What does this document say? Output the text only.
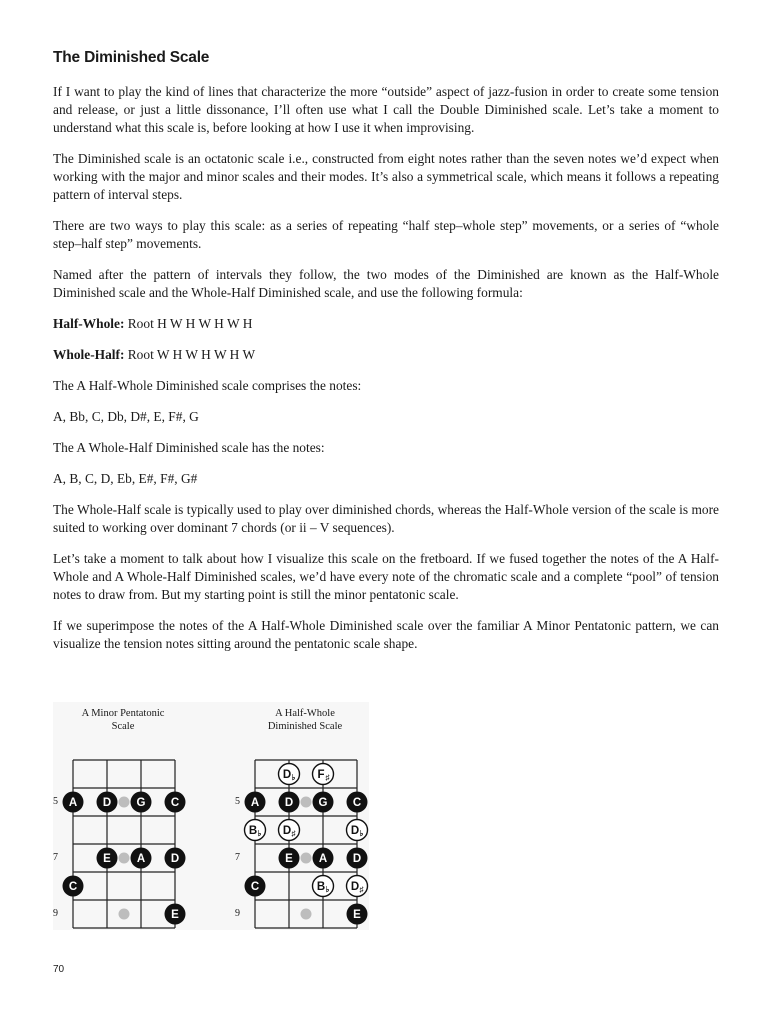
The Diminished Scale

If I want to play the kind of lines that characterize the more “outside” aspect of jazz-fusion in order to create some tension and release, or just a little dissonance, I’ll often use what I call the Double Diminished scale. Let’s take a moment to understand what this scale is, before looking at how I use it when improvising.

The Diminished scale is an octatonic scale i.e., constructed from eight notes rather than the seven notes we’d expect when working with the major and minor scales and their modes. It’s also a symmetrical scale, which means it follows a repeating pattern of interval steps.

There are two ways to play this scale: as a series of repeating “half step–whole step” movements, or a series of “whole step–half step” movements.

Named after the pattern of intervals they follow, the two modes of the Diminished are known as the Half-Whole Diminished scale and the Whole-Half Diminished scale, and use the following formula:

Half-Whole: Root H W H W H W H

Whole-Half: Root W H W H W H W

The A Half-Whole Diminished scale comprises the notes:

A, Bb, C, Db, D#, E, F#, G

The A Whole-Half Diminished scale has the notes:

A, B, C, D, Eb, E#, F#, G#

The Whole-Half scale is typically used to play over diminished chords, whereas the Half-Whole version of the scale is more suited to working over dominant 7 chords (or ii – V sequences).

Let’s take a moment to talk about how I visualize this scale on the fretboard. If we fused together the notes of the A Half-Whole and A Whole-Half Diminished scales, we’d have every note of the chromatic scale and a complete “pool” of tension notes to draw from. But my starting point is still the minor pentatonic scale.

If we superimpose the notes of the A Half-Whole Diminished scale over the familiar A Minor Pentatonic pattern, we can visualize the tension notes sitting around the pentatonic scale shape.

A Minor Pentatonic
Scale
5
7
9
A D G C
E A D
C
E
A Half-Whole
Diminished Scale
5
7
9
D ♭ F ♯
A D G C
B ♭ D ♯	D ♭
E A D
C	B ♭ D ♯
E
70
